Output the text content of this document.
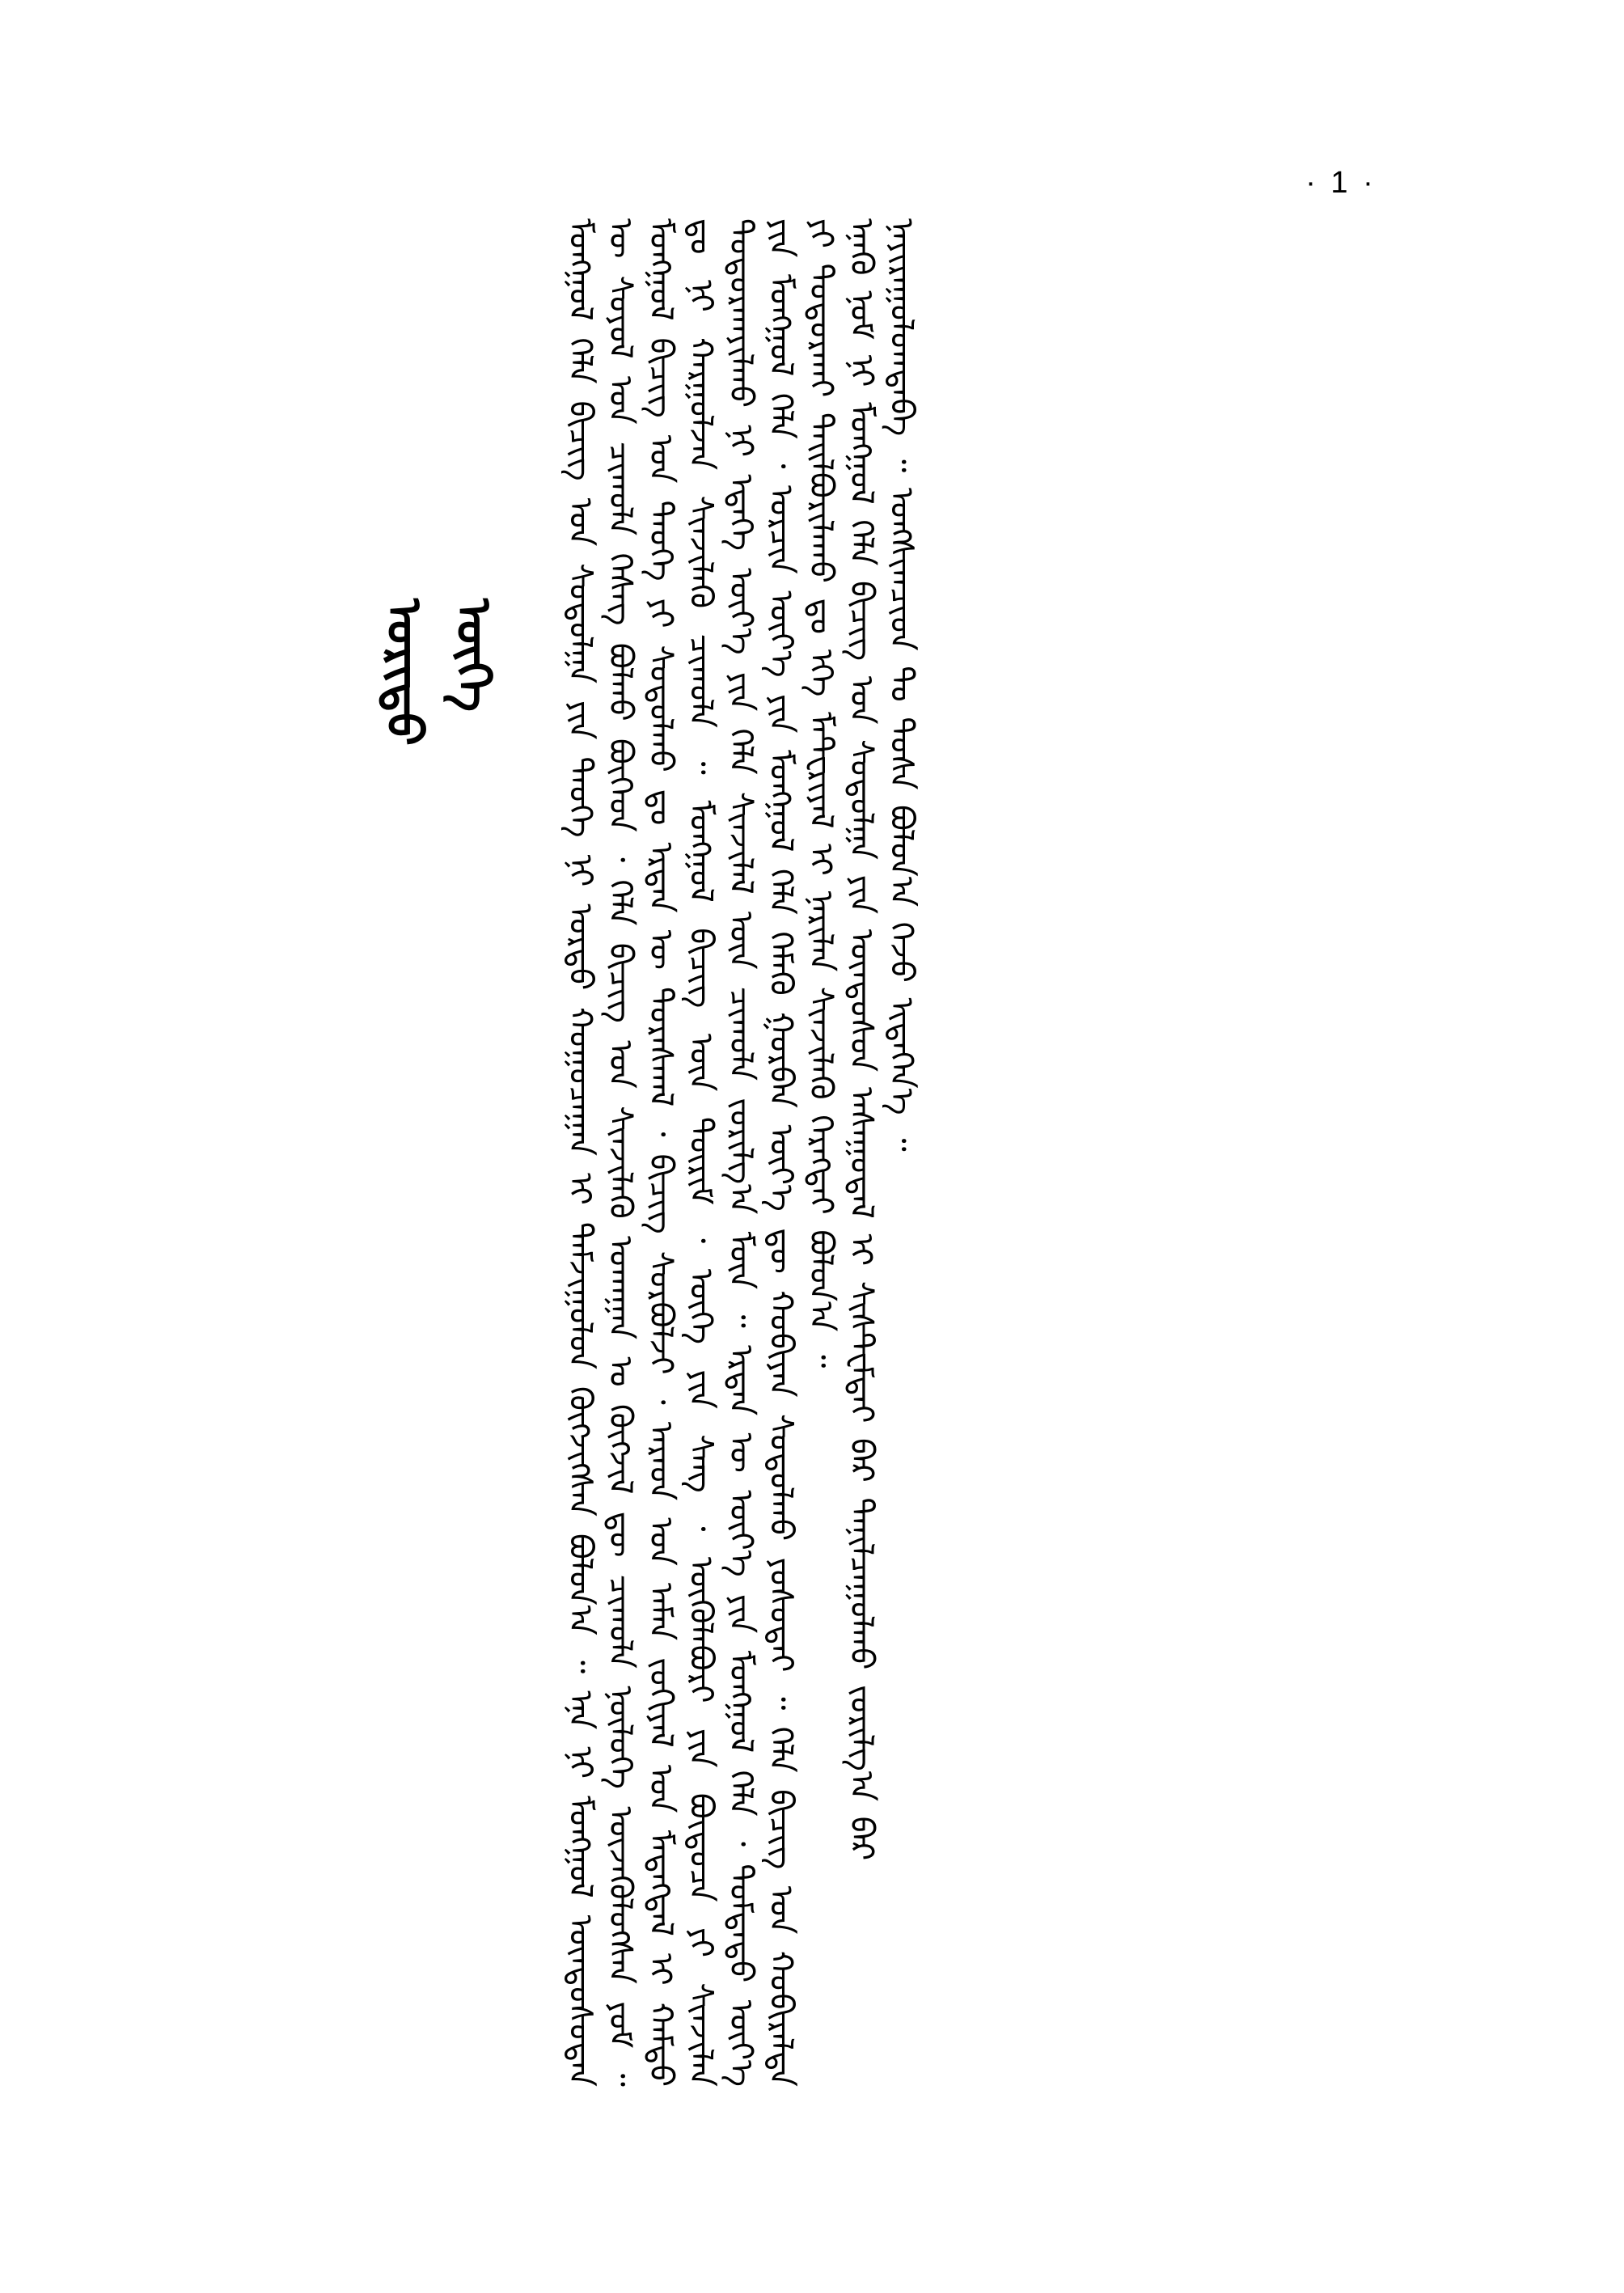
· 1 ·
ᠤᠷᠢᠳᠤ ᠦᠭᠡ ᠮᠣᠩᠭᠣᠯ ᠬᠡᠯᠡ ᠪᠢᠴᠢᠭ ᠤᠨ ᠰᠤᠳᠤᠯᠭᠠ ᠶᠢᠨ ᠲᠡᠦᠬᠡ ᠨᠢ ᠤᠷᠲᠤ ᠬᠤᠭᠤᠴᠠᠭᠠᠨ ᠢ ᠳᠠᠮᠵᠢᠭᠤᠯᠤᠨ ᠬᠥᠭᠵᠢᠭᠰᠡᠨ ᠪᠣᠯᠤᠨ᠎ᠠ ᠃ ᠡᠨᠡ ᠨᠢ ᠮᠣᠩᠭᠣᠯ ᠦᠨᠳᠦᠰᠦᠲᠡᠨ ᠦ ᠰᠣᠶᠣᠯ ᠤᠨ ᠴᠢᠬᠤᠯᠠ ᠬᠡᠰᠡᠭ ᠪᠣᠯᠬᠤ ᠪᠥᠭᠡᠳ ᠂ ᠬᠡᠯᠡ ᠪᠢᠴᠢᠭ ᠤᠨ ᠰᠢᠨᠵᠢᠯᠡᠬᠦ ᠤᠬᠠᠭᠠᠨ ᠤ ᠬᠥᠭᠵᠢᠯ ᠳᠦ ᠴᠢᠬᠤᠯᠠ ᠨᠥᠯᠦᠭᠡ ᠦᠵᠡᠭᠦᠯᠦᠭᠰᠡᠨ ᠶᠤᠮ ᠃ ᠮᠣᠩᠭᠣᠯ ᠪᠢᠴᠢᠭ ᠤᠨ ᠲᠡᠦᠬᠡ ᠶᠢ ᠰᠤᠳᠤᠯᠬᠤ ᠳᠤ ᠡᠷᠲᠡᠨ ᠦ ᠳᠤᠷᠠᠰᠬᠠᠯ ᠂ ᠪᠢᠴᠢᠭ᠌ ᠰᠤᠷᠪᠤᠯᠵᠢ ᠂ ᠠᠷᠠᠳ ᠤᠨ ᠠᠮᠠᠨ ᠵᠣᠬᠢᠶᠠᠯ ᠤᠨ ᠮᠡᠳᠡᠭᠳᠡᠯ ᠢ ᠬᠠᠮᠲᠤ ᠳᠤ ᠨᠢ ᠬᠠᠷᠭᠤᠯᠵᠠᠨ ᠰᠢᠨᠵᠢᠯᠡᠬᠦ ᠴᠢᠬᠤᠯᠠ ᠃ ᠮᠣᠩᠭᠣᠯ ᠪᠢᠴᠢᠭ ᠦᠨ ᠳᠦᠷᠢᠮ ᠂ ᠦᠭᠡ ᠶᠢᠨ ᠰᠠᠩ ᠂ ᠦᠭᠦᠯᠡᠪᠦᠷᠢ ᠶᠢᠨ ᠪᠦᠲᠦᠴᠡ ᠶᠢ ᠰᠢᠨᠵᠢᠯᠡᠨ ᠲᠣᠳᠤᠷᠬᠠᠶᠢᠯᠬᠤ ᠨᠢ ᠡᠳᠡᠭᠡ ᠦᠶ᠎ᠡ ᠶᠢᠨ ᠬᠡᠯᠡ ᠰᠢᠨᠵᠢᠯᠡᠯ ᠦᠨ ᠴᠢᠬᠤᠯᠠ ᠵᠣᠷᠢᠯᠭ᠎ᠠ ᠮᠥᠨ ᠃ ᠡᠷᠲᠡᠨ ᠦ ᠦᠶ᠎ᠡ ᠶᠢᠨ ᠮᠣᠩᠭᠣᠯ ᠬᠡᠯᠡ ᠂ ᠳᠤᠮᠳᠠᠳᠤ ᠦᠶ᠎ᠡ ᠶᠢᠨ ᠮᠣᠩᠭᠣᠯ ᠬᠡᠯᠡ ᠂ ᠣᠷᠴᠢᠨ ᠦᠶ᠎ᠡ ᠶᠢᠨ ᠮᠣᠩᠭᠣᠯ ᠬᠡᠯᠡ ᠬᠡᠮᠡᠬᠦ ᠭᠤᠷᠪᠠᠨ ᠦᠶ᠎ᠡ ᠳᠦ ᠬᠤᠪᠢᠶᠠᠨ ᠰᠤᠳᠤᠯᠬᠤ ᠶᠣᠰᠣᠲᠠᠢ ᠃ ᠬᠡᠯᠡ ᠪᠢᠴᠢᠭ ᠤᠨ ᠬᠤᠪᠢᠷᠠᠯᠲᠠ ᠶᠢ ᠲᠣᠳᠤᠷᠬᠠᠢ ᠲᠠᠢᠯᠪᠤᠷᠢᠯᠠᠬᠤ ᠳᠤ ᠡᠬᠡ ᠮᠠᠲ᠋ᠧᠷᠢᠶᠠᠯ ᠢ ᠨᠠᠷᠢᠯᠠᠨ ᠰᠢᠨᠵᠢᠯᠡᠬᠦ ᠬᠡᠷᠡᠭᠲᠡᠢ ᠪᠣᠯᠤᠨ᠎ᠠ ᠃ ᠡᠨᠡᠬᠦ ᠨᠣᠮ ᠨᠢ ᠮᠣᠩᠭᠣᠯ ᠬᠡᠯᠡ ᠪᠢᠴᠢᠭ ᠤᠨ ᠰᠤᠳᠤᠯᠭᠠ ᠶᠢᠨ ᠦᠨᠳᠦᠰᠦᠨ ᠠᠰᠠᠭᠤᠳᠠᠯ ᠢ ᠰᠢᠰᠲ᠋ᠧᠮᠲᠡᠢ ᠪᠡᠷ ᠲᠠᠨᠢᠯᠴᠠᠭᠤᠯᠬᠤ ᠵᠣᠷᠢᠯᠭ᠎ᠠ ᠪᠡᠷ ᠨᠠᠶᠢᠷᠠᠭᠤᠯᠤᠭᠳᠠᠪᠠ ᠃ ᠤᠩᠰᠢᠭᠴᠢᠳ ᠲᠤ ᠲᠤᠰᠠ ᠪᠣᠯᠤᠨ᠎ᠠ ᠭᠡᠵᠦ ᠢᠳᠡᠭᠡᠨ᠎ᠡ ᠃
